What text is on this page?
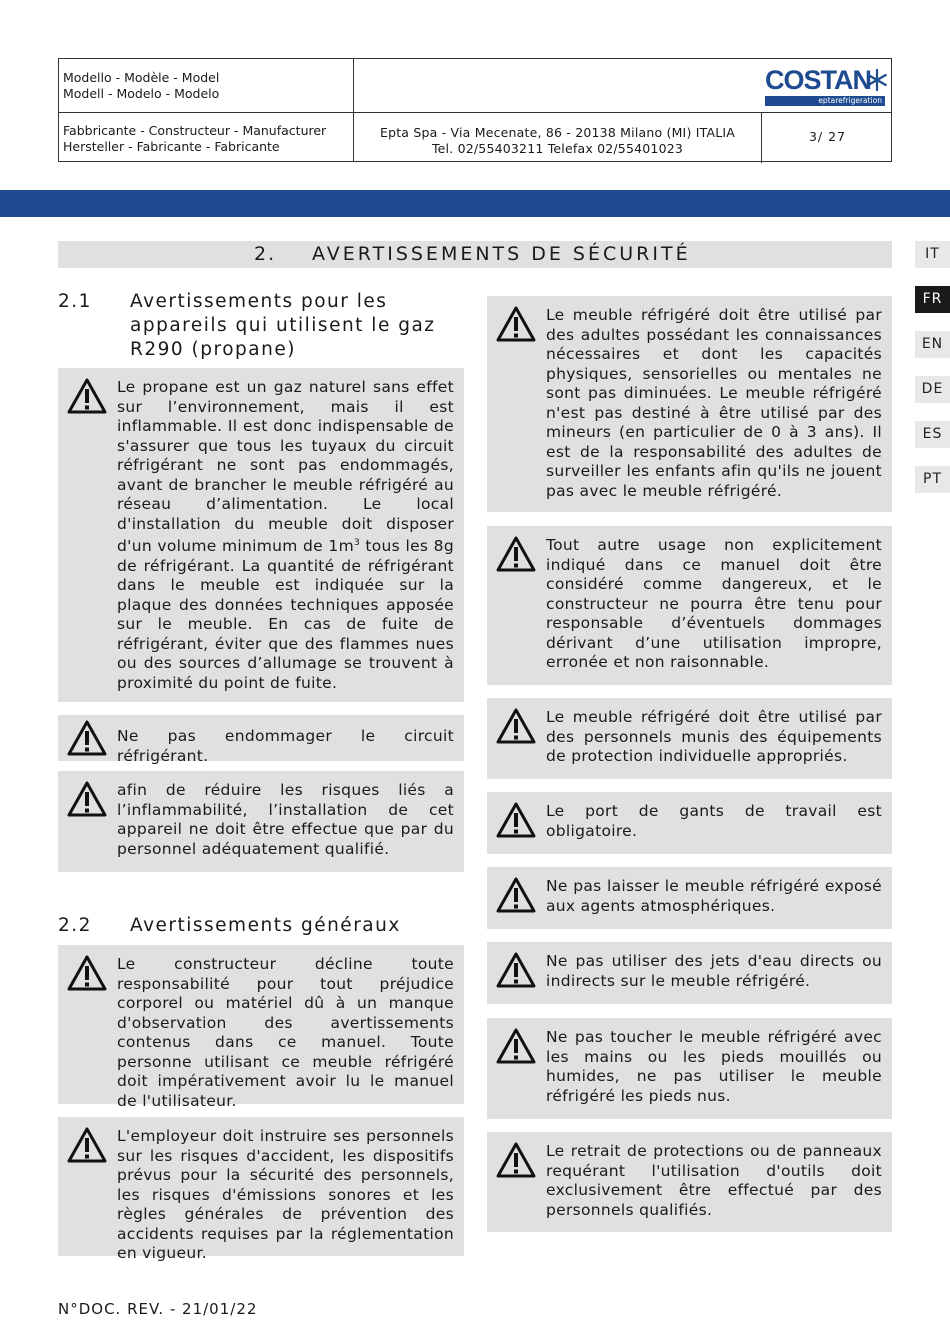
Modello - Modèle - Model
Modell - Modelo - Modelo
Fabbricante - Constructeur - Manufacturer
Hersteller - Fabricante - Fabricante
Epta Spa - Via Mecenate, 86 - 20138 Milano (MI) ITALIA
Tel. 02/55403211 Telefax 02/55401023
3/ 27
COSTAN
eptarefrigeration
2. AVERTISSEMENTS DE SÉCURITÉ	IT
FR
EN
DE
ES
PT
2.1 Avertissements pour les appareils qui utilisent le gaz R290 (propane)
Le propane est un gaz naturel sans effet sur l’environnement, mais il est inflammable. Il est donc indispensable de s'assurer que tous les tuyaux du circuit réfrigérant ne sont pas endommagés, avant de brancher le meuble réfrigéré au réseau d’alimentation. Le local d'installation du meuble doit disposer d'un volume minimum de $1m^3$ tous les 8g de réfrigérant. La quantité de réfrigérant dans le meuble est indiquée sur la plaque des données techniques apposée sur le meuble. En cas de fuite de réfrigérant, éviter que des flammes nues ou des sources d’allumage se trouvent à proximité du point de fuite.
Ne pas endommager le circuit réfrigérant.
afin de réduire les risques liés a l’inflammabilité, l’installation de cet appareil ne doit être effectue que par du personnel adéquatement qualifié.
2.2 Avertissements généraux
Le constructeur décline toute responsabilité pour tout préjudice corporel ou matériel dû à un manque d'observation des avertissements contenus dans ce manuel. Toute personne utilisant ce meuble réfrigéré doit impérativement avoir lu le manuel de l'utilisateur.
L'employeur doit instruire ses personnels sur les risques d'accident, les dispositifs prévus pour la sécurité des personnels, les risques d'émissions sonores et les règles générales de prévention des accidents requises par la réglementation en vigueur.
Le meuble réfrigéré doit être utilisé par des adultes possédant les connaissances nécessaires et dont les capacités physiques, sensorielles ou mentales ne sont pas diminuées. Le meuble réfrigéré n'est pas destiné à être utilisé par des mineurs (en particulier de 0 à 3 ans). Il est de la responsabilité des adultes de surveiller les enfants afin qu'ils ne jouent pas avec le meuble réfrigéré.
Tout autre usage non explicitement indiqué dans ce manuel doit être considéré comme dangereux, et le constructeur ne pourra être tenu pour responsable d’éventuels dommages dérivant d’une utilisation impropre, erronée et non raisonnable.
Le meuble réfrigéré doit être utilisé par des personnels munis des équipements de protection individuelle appropriés.
Le port de gants de travail est obligatoire.
Ne pas laisser le meuble réfrigéré exposé aux agents atmosphériques.
Ne pas utiliser des jets d'eau directs ou indirects sur le meuble réfrigéré.
Ne pas toucher le meuble réfrigéré avec les mains ou les pieds mouillés ou humides, ne pas utiliser le meuble réfrigéré les pieds nus.
Le retrait de protections ou de panneaux requérant l'utilisation d'outils doit exclusivement être effectué par des personnels qualifiés.
N°DOC. REV. - 21/01/22
